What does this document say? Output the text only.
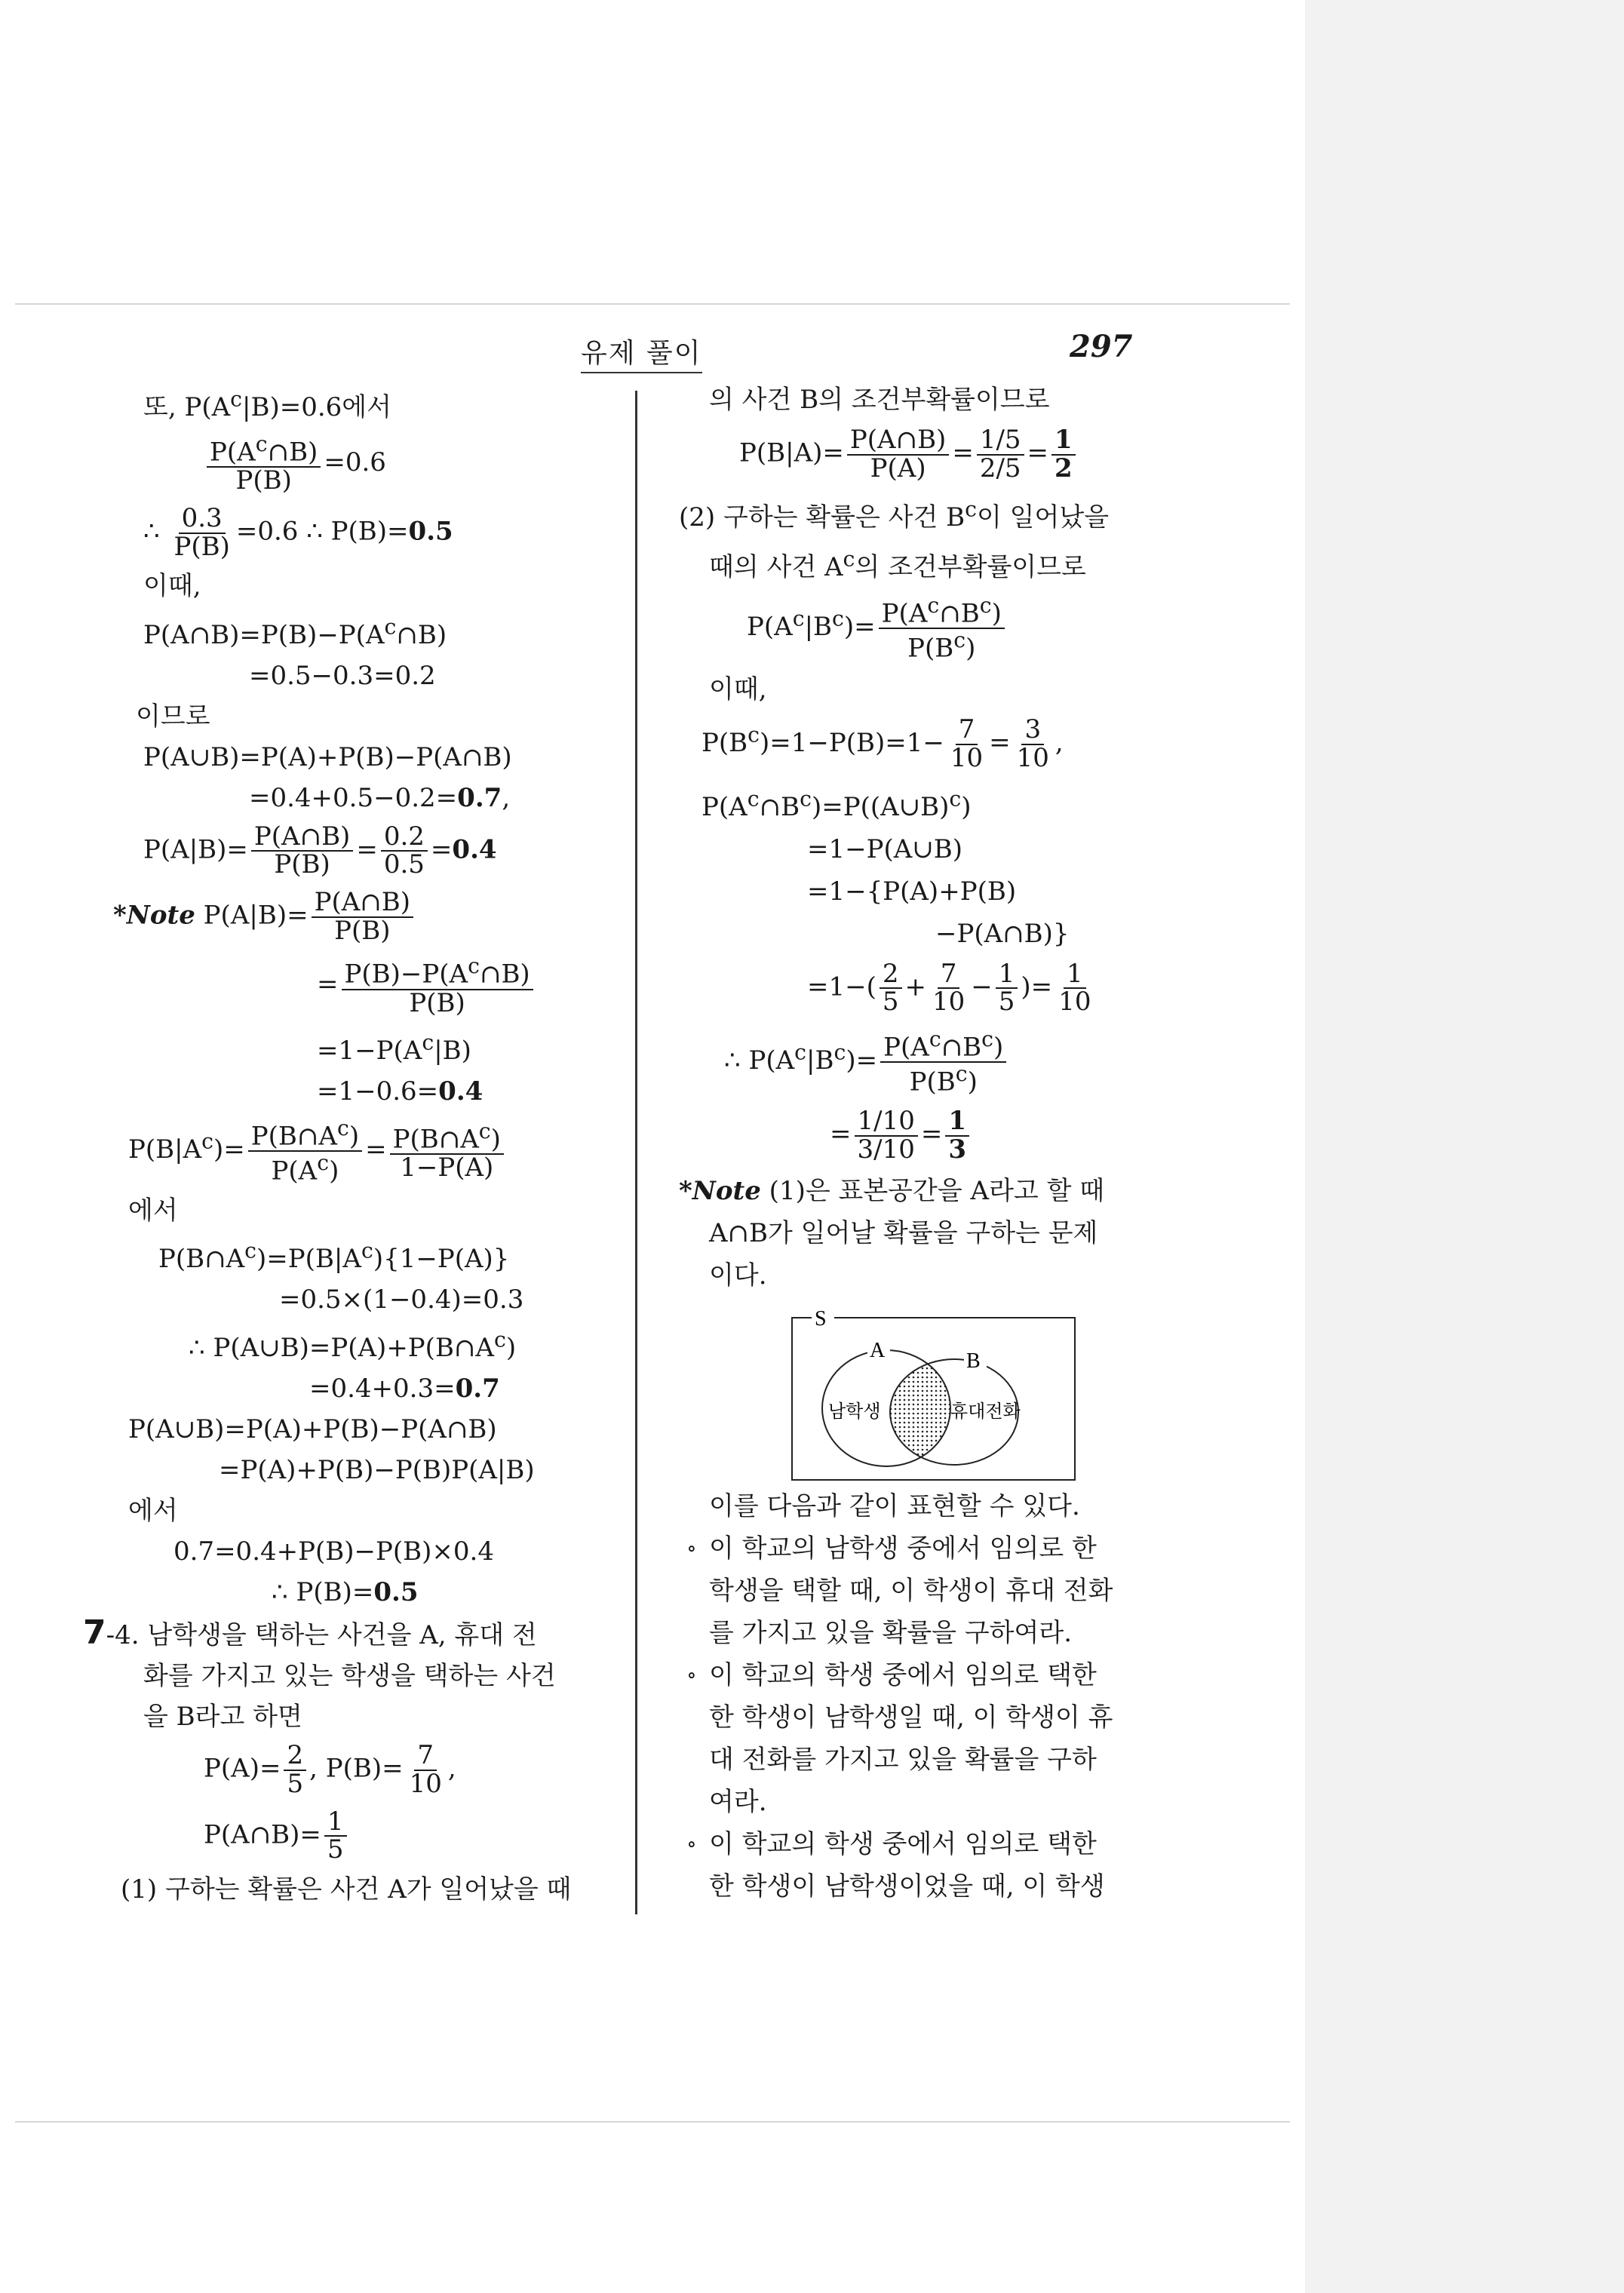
유제 풀이	297
또, $P(A^c|B)=0.6$에서
$\frac{P(A^c\cap B)}{P(B)} =0.6$
∴ $\frac{0.3}{P(B)} =0.6$ ∴ P(B)=0.5
이때,
$P(A\cap B)=P(B)-P(A^c\cap B)$
=0.5−0.3=0.2
이므로
P(A∪B)=P(A)+P(B)−P(A∩B)
=0.4+0.5−0.2=0.7,
$P(A|B)= \frac{P(A\cap B)}{P(B)} = \frac{0.2}{0.5} =0.4$
*Note $P(A|B)= \frac{P(A\cap B)}{P(B)}$
= $\frac{P(B)-P(A^c\cap B)}{P(B)}$
$=1-P(A^c|B)$
=1−0.6=0.4
$P(B|A^c)= \frac{P(B\cap A^c)}{P(A^c)} = \frac{P(B\cap A^c)}{1-P(A)}$
에서
$P(B\cap A^c)=P(B|A^c)\{1-P(A)\}$
=0.5×(1−0.4)=0.3
∴ $P(A\cup B)=P(A)+P(B\cap A^c)$
=0.4+0.3=0.7
P(A∪B)=P(A)+P(B)−P(A∩B)
=P(A)+P(B)−P(B)P(A|B)
에서
0.7=0.4+P(B)−P(B)×0.4
∴ P(B)=0.5
7-4. 남학생을 택하는 사건을 A, 휴대 전
화를 가지고 있는 학생을 택하는 사건
을 B라고 하면
$P(A)= \frac{2}{5}$ , $P(B)= \frac{7}{10}$ ,
P(A∩B)= $\frac{1}{5}$
(1) 구하는 확률은 사건 A가 일어났을 때
의 사건 B의 조건부확률이므로
$P(B|A)= \frac{P(A\cap B)}{P(A)} = \frac{1/5}{2/5} = \frac{1}{2}$
(2) 구하는 확률은 사건 $B^c$이 일어났을
때의 사건 $A^c$의 조건부확률이므로
$P(A^c|B^c)= \frac{P(A^c\cap B^c)}{P(B^c)}$
이때,
$P(B^c)=1-P(B)=1- \frac{7}{10} = \frac{3}{10}$ ,
$P(A^c\cap B^c)=P((A\cup B)^c)$
=1−P(A∪B)
=1−{P(A)+P(B)
−P(A∩B)}
$=1-( \frac{2}{5} + \frac{7}{10} - \frac{1}{5}$ )= $\frac{1}{10}$
∴ $P(A^c|B^c)= \frac{P(A^c\cap B^c)}{P(B^c)}$
= $\frac{1/10}{3/10} = \frac{1}{3}$
*Note (1)은 표본공간을 A라고 할 때
A∩B가 일어날 확률을 구하는 문제
이다.
S
A	B
남학생	휴대전화
이를 다음과 같이 표현할 수 있다.
∘ 이 학교의 남학생 중에서 임의로 한
학생을 택할 때, 이 학생이 휴대 전화
를 가지고 있을 확률을 구하여라.
∘ 이 학교의 학생 중에서 임의로 택한
한 학생이 남학생일 때, 이 학생이 휴
대 전화를 가지고 있을 확률을 구하
여라.
∘ 이 학교의 학생 중에서 임의로 택한
한 학생이 남학생이었을 때, 이 학생
